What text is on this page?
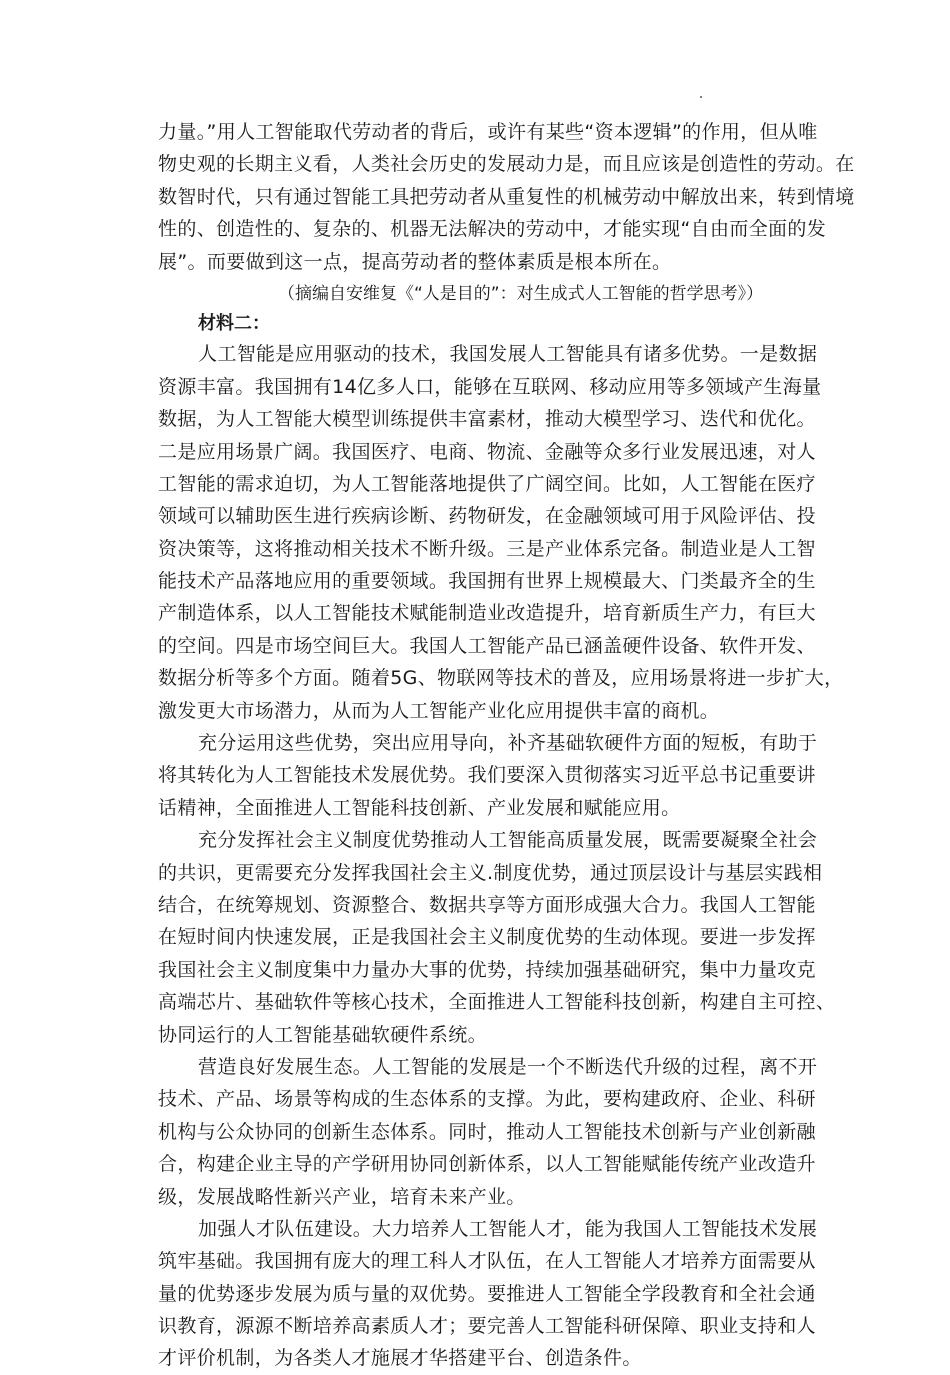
力量。”用人工智能取代劳动者的背后，或许有某些“资本逻辑”的作用，但从唯

物史观的长期主义看，人类社会历史的发展动力是，而且应该是创造性的劳动。在

数智时代，只有通过智能工具把劳动者从重复性的机械劳动中解放出来，转到情境

性的、创造性的、复杂的、机器无法解决的劳动中，才能实现“自由而全面的发

展”。而要做到这一点，提高劳动者的整体素质是根本所在。

（摘编自安维复《“人是目的”：对生成式人工智能的哲学思考》）

材料二：

人工智能是应用驱动的技术，我国发展人工智能具有诸多优势。一是数据

资源丰富。我国拥有14亿多人口，能够在互联网、移动应用等多领域产生海量

数据，为人工智能大模型训练提供丰富素材，推动大模型学习、迭代和优化。

二是应用场景广阔。我国医疗、电商、物流、金融等众多行业发展迅速，对人

工智能的需求迫切，为人工智能落地提供了广阔空间。比如，人工智能在医疗

领域可以辅助医生进行疾病诊断、药物研发，在金融领域可用于风险评估、投

资决策等，这将推动相关技术不断升级。三是产业体系完备。制造业是人工智

能技术产品落地应用的重要领域。我国拥有世界上规模最大、门类最齐全的生

产制造体系，以人工智能技术赋能制造业改造提升，培育新质生产力，有巨大

的空间。四是市场空间巨大。我国人工智能产品已涵盖硬件设备、软件开发、

数据分析等多个方面。随着5G、物联网等技术的普及，应用场景将进一步扩大，

激发更大市场潜力，从而为人工智能产业化应用提供丰富的商机。

充分运用这些优势，突出应用导向，补齐基础软硬件方面的短板，有助于

将其转化为人工智能技术发展优势。我们要深入贯彻落实习近平总书记重要讲

话精神，全面推进人工智能科技创新、产业发展和赋能应用。

充分发挥社会主义制度优势推动人工智能高质量发展，既需要凝聚全社会

的共识，更需要充分发挥我国社会主义.制度优势，通过顶层设计与基层实践相

结合，在统筹规划、资源整合、数据共享等方面形成强大合力。我国人工智能

在短时间内快速发展，正是我国社会主义制度优势的生动体现。要进一步发挥

我国社会主义制度集中力量办大事的优势，持续加强基础研究，集中力量攻克

高端芯片、基础软件等核心技术，全面推进人工智能科技创新，构建自主可控、

协同运行的人工智能基础软硬件系统。

营造良好发展生态。人工智能的发展是一个不断迭代升级的过程，离不开

技术、产品、场景等构成的生态体系的支撑。为此，要构建政府、企业、科研

机构与公众协同的创新生态体系。同时，推动人工智能技术创新与产业创新融

合，构建企业主导的产学研用协同创新体系，以人工智能赋能传统产业改造升

级，发展战略性新兴产业，培育未来产业。

加强人才队伍建设。大力培养人工智能人才，能为我国人工智能技术发展

筑牢基础。我国拥有庞大的理工科人才队伍，在人工智能人才培养方面需要从

量的优势逐步发展为质与量的双优势。要推进人工智能全学段教育和全社会通

识教育，源源不断培养高素质人才；要完善人工智能科研保障、职业支持和人

才评价机制，为各类人才施展才华搭建平台、创造条件。
